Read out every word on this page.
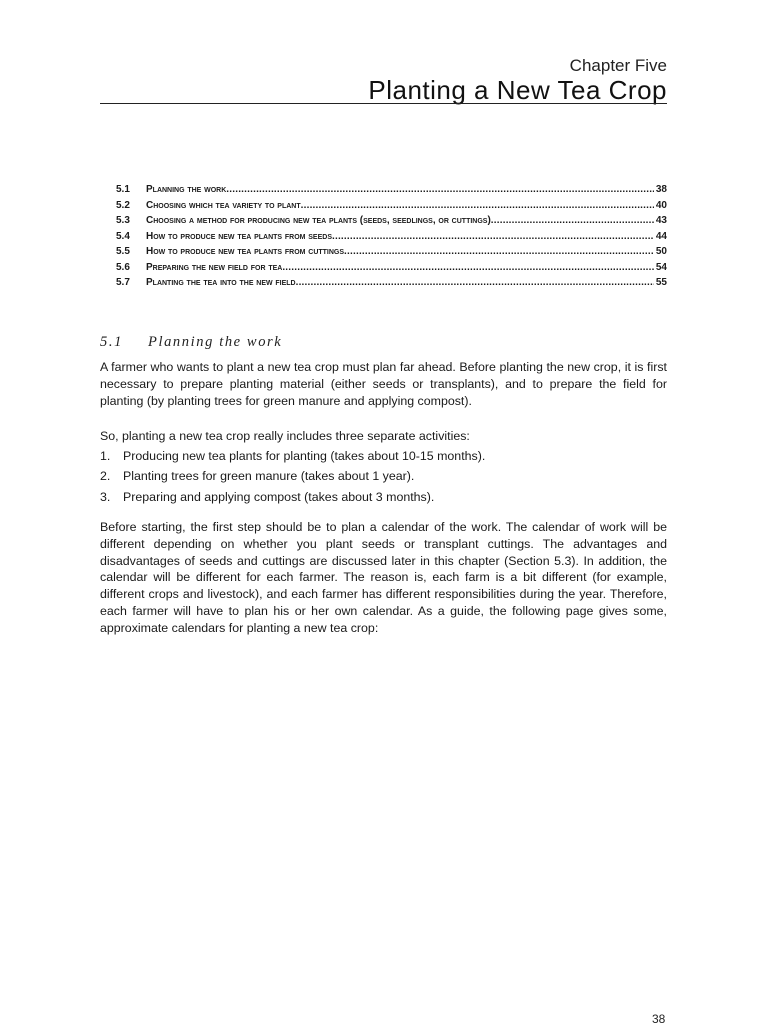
Chapter Five
Planting a New Tea Crop
5.1	Planning the work .....	38
5.2	Choosing which tea variety to plant .....	40
5.3	Choosing a method for producing new tea plants (seeds, seedlings, or cuttings) .....	43
5.4	How to produce new tea plants from seeds .....	44
5.5	How to produce new tea plants from cuttings .....	50
5.6	Preparing the new field for tea .....	54
5.7	Planting the tea into the new field .....	55
5.1 Planning the work

A farmer who wants to plant a new tea crop must plan far ahead. Before planting the new crop, it is first necessary to prepare planting material (either seeds or transplants), and to prepare the field for planting (by planting trees for green manure and applying compost).

So, planting a new tea crop really includes three separate activities:

1.	Producing new tea plants for planting (takes about 10-15 months).
2.	Planting trees for green manure (takes about 1 year).
3.	Preparing and applying compost (takes about 3 months).

Before starting, the first step should be to plan a calendar of the work. The calendar of work will be different depending on whether you plant seeds or transplant cuttings. The advantages and disadvantages of seeds and cuttings are discussed later in this chapter (Section 5.3). In addition, the calendar will be different for each farmer. The reason is, each farm is a bit different (for example, different crops and livestock), and each farmer has different responsibilities during the year. Therefore, each farmer will have to plan his or her own calendar. As a guide, the following page gives some, approximate calendars for planting a new tea crop:

38
